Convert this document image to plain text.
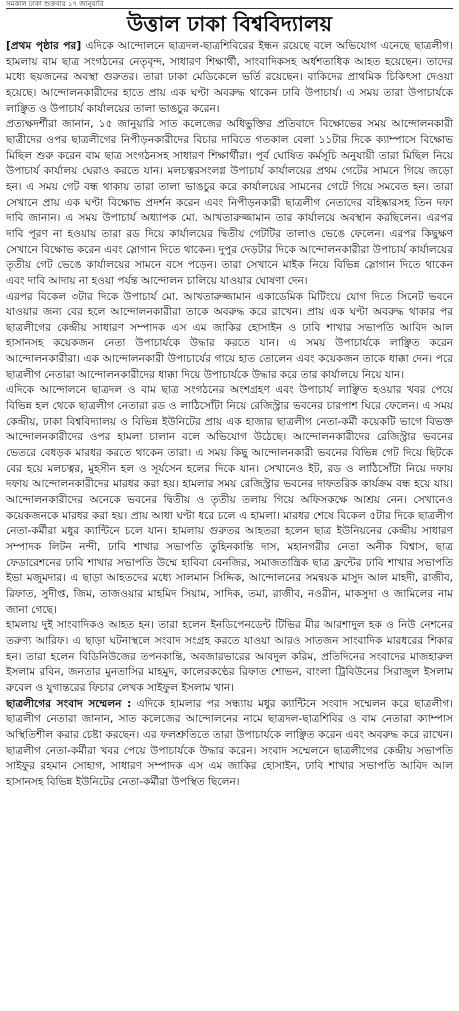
সমকাল ঢাকা শুক্রবার ১৭ জানুয়ারি
উত্তাল ঢাকা বিশ্ববিদ্যালয়

[প্রথম পৃষ্ঠার পর] এদিকে আন্দোলনে ছাত্রদল-ছাত্রশিবিরের ইন্ধন রয়েছে বলে অভিযোগ এনেছে ছাত্রলীগ। হামলায় বাম ছাত্র সংগঠনের নেতৃবৃন্দ, সাধারণ শিক্ষার্থী, সাংবাদিকসহ অর্ধশতাধিক আহত হয়েছেন। তাদের মধ্যে ছয়জনের অবস্থা গুরুতর। তারা ঢাকা মেডিকেলে ভর্তি রয়েছেন। বাকিদের প্রাথমিক চিকিৎসা দেওয়া হয়েছে। আন্দোলনকারীদের হাতে প্রায় এক ঘণ্টা অবরুদ্ধ থাকেন ঢাবি উপাচার্য। এ সময় তারা উপাচার্যকে লাঞ্ছিত ও উপাচার্য কার্যালয়ের তালা ভাঙচুর করেন।

প্রত্যক্ষদর্শীরা জানান, ১৫ জানুয়ারি সাত কলেজের অধিভুক্তির প্রতিবাদে বিক্ষোভের সময় আন্দোলনকারী ছাত্রীদের ওপর ছাত্রলীগের নিপীড়নকারীদের বিচার দাবিতে গতকাল বেলা ১১টার দিকে ক্যাম্পাসে বিক্ষোভ মিছিল শুরু করেন বাম ছাত্র সংগঠনসহ সাধারণ শিক্ষার্থীরা। পূর্ব ঘোষিত কর্মসূচি অনুযায়ী তারা মিছিল নিয়ে উপাচার্য কার্যালয় ঘেরাও করতে যান। মলচত্বরসংলগ্ন উপাচার্য কার্যালয়ের প্রথম গেটের সামনে গিয়ে জড়ো হন। এ সময় গেট বন্ধ থাকায় তারা তালা ভাঙচুর করে কার্যালয়ের সামনের গেটে গিয়ে সমবেত হন। তারা সেখানে প্রায় এক ঘণ্টা বিক্ষোভ প্রদর্শন করেন এবং নিপীড়নকারী ছাত্রলীগ নেতাদের বহিষ্কারসহ তিন দফা দাবি জানান। এ সময় উপাচার্য অধ্যাপক মো. আখতারুজ্জামান তার কার্যালয়ে অবস্থান করছিলেন। এরপর দাবি পূরণ না হওয়ায় তারা রড দিয়ে কার্যালয়ের দ্বিতীয় গেটটির তালাও ভেঙে ফেলেন। এরপর কিছুক্ষণ সেখানে বিক্ষোভ করেন এবং স্লোগান দিতে থাকেন। দুপুর দেড়টার দিকে আন্দোলনকারীরা উপাচার্য কার্যালয়ের তৃতীয় গেট ভেঙে কার্যালয়ের সামনে বসে পড়েন। তারা সেখানে মাইক নিয়ে বিভিন্ন স্লোগান দিতে থাকেন এবং দাবি আদায় না হওয়া পর্যন্ত আন্দোলন চালিয়ে যাওয়ার ঘোষণা দেন।

এরপর বিকেল ৩টার দিকে উপাচার্য মো. আখতারুজ্জামান একাডেমিক মিটিংয়ে যোগ দিতে সিনেট ভবনে যাওয়ার জন্য বের হলে আন্দোলনকারীরা তাকে অবরুদ্ধ করে রাখেন। প্রায় এক ঘণ্টা অবরুদ্ধ থাকার পর ছাত্রলীগের কেন্দ্রীয় সাধারণ সম্পাদক এস এম জাকির হোসাইন ও ঢাবি শাখার সভাপতি আবিদ আল হাসানসহ কয়েকজন নেতা উপাচার্যকে উদ্ধার করতে যান। এ সময় উপাচার্যকে লাঞ্ছিত করেন আন্দোলনকারীরা। এক আন্দোলনকারী উপাচার্যের গায়ে হাত তোলেন এবং কয়েকজন তাকে ধাক্কা দেন। পরে ছাত্রলীগ নেতারা আন্দোলনকারীদের ধাক্কা দিয়ে উপাচার্যকে উদ্ধার করে তার কার্যালয়ে নিয়ে যান।

এদিকে আন্দোলনে ছাত্রদল ও বাম ছাত্র সংগঠনের অংশগ্রহণ এবং উপাচার্য লাঞ্ছিত হওয়ার খবর পেয়ে বিভিন্ন হল থেকে ছাত্রলীগ নেতারা রড ও লাঠিসোঁটা নিয়ে রেজিস্ট্রার ভবনের চারপাশ ঘিরে ফেলেন। এ সময় কেন্দ্রীয়, ঢাকা বিশ্ববিদ্যালয় ও বিভিন্ন ইউনিটের প্রায় এক হাজার ছাত্রলীগ নেতা-কর্মী কয়েকটি ভাগে বিভক্ত আন্দোলনকারীদের ওপর হামলা চালান বলে অভিযোগ উঠেছে। আন্দোলনকারীদের রেজিস্ট্রার ভবনের ভেতরে বেধড়ক মারধর করতে থাকেন তারা। এ সময় কিছু আন্দোলনকারী ভবনের বিভিন্ন গেট দিয়ে ছিটকে বের হয়ে মলচত্বর, মুহসীন হল ও সূর্যসেন হলের দিকে যান। সেখানেও ইট, রড ও লাঠিসোঁটা নিয়ে দফায় দফায় আন্দোলনকারীদের মারধর করা হয়। হামলার সময় রেজিস্ট্রার ভবনের দাফতরিক কার্যক্রম বন্ধ হয়ে যায়। আন্দোলনকারীদের অনেকে ভবনের দ্বিতীয় ও তৃতীয় তলায় গিয়ে অফিসকক্ষে আশ্রয় নেন। সেখানেও কয়েকজনকে মারধর করা হয়। প্রায় আধা ঘণ্টা ধরে চলে এ হামলা। মারধর শেষে বিকেল ৫টার দিকে ছাত্রলীগ নেতা-কর্মীরা মধুর ক্যান্টিনে চলে যান। হামলায় গুরুতর আহতরা হলেন ছাত্র ইউনিয়নের কেন্দ্রীয় সাধারণ সম্পাদক লিটন নন্দী, ঢাবি শাখার সভাপতি তুহিনকান্তি দাস, মহানগরীর নেতা অনীক বিশ্বাস, ছাত্র ফেডারেশনের ঢাবি শাখার সভাপতি উম্মে হাবিবা বেনজির, সমাজতান্ত্রিক ছাত্র ফ্রন্টের ঢাবি শাখার সভাপতি ইভা মজুমদার। এ ছাড়া আহতদের মধ্যে সালমান সিদ্দিক, আন্দোলনের সমন্বয়ক মাসুদ আল মাহদী, রাজীব, রিফাত, সুদীপ্ত, জিম, তাজওয়ার মাহমিদ সিয়াম, সাদিক, তমা, রাজীব, নওরীন, মাকসুদা ও জামিলের নাম জানা গেছে।

হামলায় দুই সাংবাদিকও আহত হন। তারা হলেন ইনডিপেনডেন্ট টিভির মীর আরশাদুল হক ও নিউ নেশনের তরুণ্য আরিফ। এ ছাড়া ঘটনাস্থলে সংবাদ সংগ্রহ করতে যাওয়া আরও সাতজন সাংবাদিক মারধরের শিকার হন। তারা হলেন বিডিনিউজের তপনকান্তি, অবজারভারের আবদুল করিম, প্রতিদিনের সংবাদের মাজহারুল ইসলাম রবিন, জনতার মুনতাসির মাহমুদ, কালেরকণ্ঠের রিফাত শোভন, বাংলা ট্রিবিউনের সিরাজুল ইসলাম রুবেল ও যুগান্তরের ফিচার লেখক সাইফুল ইসলাম খান।

ছাত্রলীগের সংবাদ সম্মেলন : এদিকে হামলার পর সন্ধ্যায় মধুর ক্যান্টিনে সংবাদ সম্মেলন করে ছাত্রলীগ। ছাত্রলীগ নেতারা জানান, সাত কলেজের আন্দোলনের নামে ছাত্রদল-ছাত্রশিবির ও বাম নেতারা ক্যাম্পাস অস্থিতিশীল করার চেষ্টা করছেন। এর ফলশ্রুতিতে তারা উপাচার্যকে লাঞ্ছিত করেন এবং অবরুদ্ধ করে রাখেন। ছাত্রলীগ নেতা-কর্মীরা খবর পেয়ে উপাচার্যকে উদ্ধার করেন। সংবাদ সম্মেলনে ছাত্রলীগের কেন্দ্রীয় সভাপতি সাইফুর রহমান সোহাগ, সাধারণ সম্পাদক এস এম জাকির হোসাইন, ঢাবি শাখার সভাপতি আবিদ আল হাসানসহ বিভিন্ন ইউনিটের নেতা-কর্মীরা উপস্থিত ছিলেন।
